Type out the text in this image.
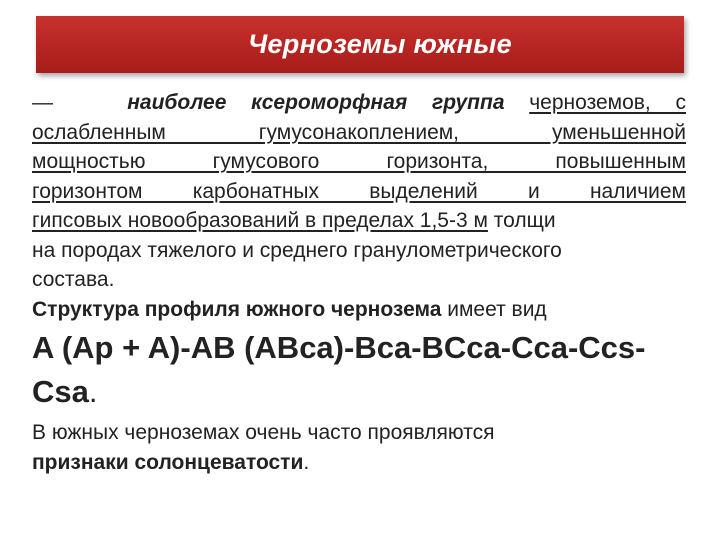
Черноземы южные

—	наиболее ксероморфная группа черноземов, с

ослабленным гумусонакоплением, уменьшенной

мощностью гумусового горизонта, повышенным

горизонтом карбонатных выделений и наличием

гипсовых новообразований в пределах 1,5-3 м толщи

на породах тяжелого и среднего гранулометрического

состава.

Структура профиля южного чернозема имеет вид

A (Ap + A)-AB (ABca)-Bca-BCca-Cca-Ccs-Csa.

В южных черноземах очень часто проявляются

признаки солонцеватости.
